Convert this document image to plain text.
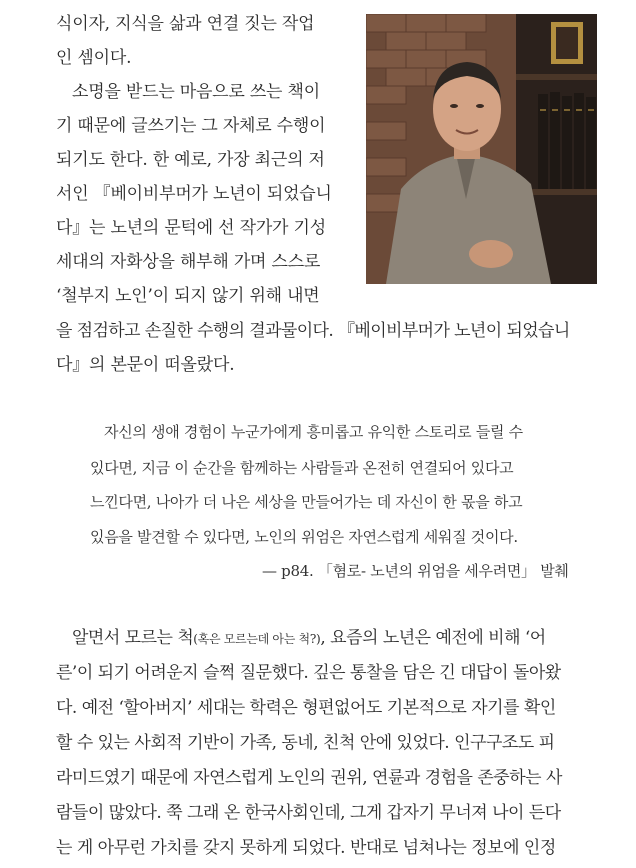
식이자, 지식을 삶과 연결 짓는 작업
인 셈이다.
소명을 받드는 마음으로 쓰는 책이
기 때문에 글쓰기는 그 자체로 수행이
되기도 한다. 한 예로, 가장 최근의 저
서인 『베이비부머가 노년이 되었습니
다』는 노년의 문턱에 선 작가가 기성
세대의 자화상을 해부해 가며 스스로
‘철부지 노인’이 되지 않기 위해 내면
을 점검하고 손질한 수행의 결과물이다. 『베이비부머가 노년이 되었습니
다』의 본문이 떠올랐다.
자신의 생애 경험이 누군가에게 흥미롭고 유익한 스토리로 들릴 수
있다면, 지금 이 순간을 함께하는 사람들과 온전히 연결되어 있다고
느낀다면, 나아가 더 나은 세상을 만들어가는 데 자신이 한 몫을 하고
있음을 발견할 수 있다면, 노인의 위엄은 자연스럽게 세워질 것이다.
— p84. 「혐로- 노년의 위엄을 세우려면」 발췌
알면서 모르는 척(혹은 모르는데 아는 척?), 요즘의 노년은 예전에 비해 ‘어
른’이 되기 어려운지 슬쩍 질문했다. 깊은 통찰을 담은 긴 대답이 돌아왔
다. 예전 ‘할아버지’ 세대는 학력은 형편없어도 기본적으로 자기를 확인
할 수 있는 사회적 기반이 가족, 동네, 친척 안에 있었다. 인구구조도 피
라미드였기 때문에 자연스럽게 노인의 권위, 연륜과 경험을 존중하는 사
람들이 많았다. 쭉 그래 온 한국사회인데, 그게 갑자기 무너져 나이 든다
는 게 아무런 가치를 갖지 못하게 되었다. 반대로 넘쳐나는 정보에 인정
